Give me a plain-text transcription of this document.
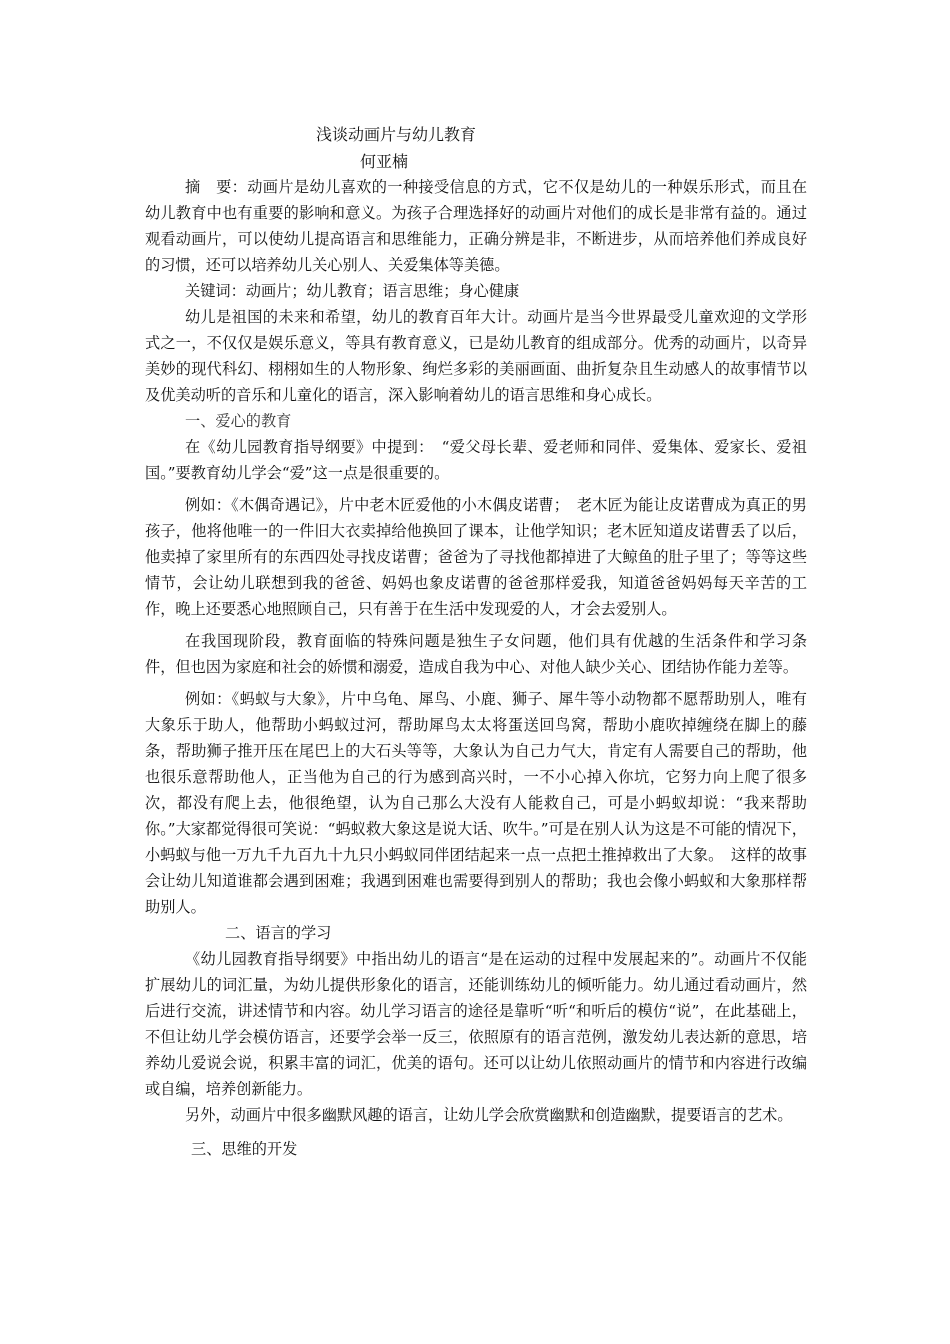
浅谈动画片与幼儿教育
何亚楠

摘　要：动画片是幼儿喜欢的一种接受信息的方式，它不仅是幼儿的一种娱乐形式，而且在幼儿教育中也有重要的影响和意义。为孩子合理选择好的动画片对他们的成长是非常有益的。通过观看动画片，可以使幼儿提高语言和思维能力，正确分辨是非，不断进步，从而培养他们养成良好的习惯，还可以培养幼儿关心别人、关爱集体等美德。

关键词：动画片；幼儿教育；语言思维；身心健康

幼儿是祖国的未来和希望，幼儿的教育百年大计。动画片是当今世界最受儿童欢迎的文学形式之一，不仅仅是娱乐意义，等具有教育意义，已是幼儿教育的组成部分。优秀的动画片，以奇异美妙的现代科幻、栩栩如生的人物形象、绚烂多彩的美丽画面、曲折复杂且生动感人的故事情节以及优美动听的音乐和儿童化的语言，深入影响着幼儿的语言思维和身心成长。

一、爱心的教育

在《幼儿园教育指导纲要》中提到：　“爱父母长辈、爱老师和同伴、爱集体、爱家长、爱祖国。”要教育幼儿学会“爱”这一点是很重要的。

例如：《木偶奇遇记》，片中老木匠爱他的小木偶皮诺曹；　老木匠为能让皮诺曹成为真正的男孩子，他将他唯一的一件旧大衣卖掉给他换回了课本，让他学知识；老木匠知道皮诺曹丢了以后，他卖掉了家里所有的东西四处寻找皮诺曹；爸爸为了寻找他都掉进了大鲸鱼的肚子里了；等等这些情节，会让幼儿联想到我的爸爸、妈妈也象皮诺曹的爸爸那样爱我，知道爸爸妈妈每天辛苦的工作，晚上还要悉心地照顾自己，只有善于在生活中发现爱的人，才会去爱别人。

在我国现阶段，教育面临的特殊问题是独生子女问题，他们具有优越的生活条件和学习条件，但也因为家庭和社会的娇惯和溺爱，造成自我为中心、对他人缺少关心、团结协作能力差等。

例如：《蚂蚁与大象》，片中乌龟、犀鸟、小鹿、狮子、犀牛等小动物都不愿帮助别人，唯有大象乐于助人，他帮助小蚂蚁过河，帮助犀鸟太太将蛋送回鸟窝，帮助小鹿吹掉缠绕在脚上的藤条，帮助狮子推开压在尾巴上的大石头等等，大象认为自己力气大，肯定有人需要自己的帮助，他也很乐意帮助他人，正当他为自己的行为感到高兴时，一不小心掉入你坑，它努力向上爬了很多次，都没有爬上去，他很绝望，认为自己那么大没有人能救自己，可是小蚂蚁却说：“我来帮助你。”大家都觉得很可笑说：“蚂蚁救大象这是说大话、吹牛。”可是在别人认为这是不可能的情况下，小蚂蚁与他一万九千九百九十九只小蚂蚁同伴团结起来一点一点把土推掉救出了大象。　这样的故事会让幼儿知道谁都会遇到困难；我遇到困难也需要得到别人的帮助；我也会像小蚂蚁和大象那样帮助别人。

二、语言的学习

《幼儿园教育指导纲要》中指出幼儿的语言“是在运动的过程中发展起来的”。动画片不仅能扩展幼儿的词汇量，为幼儿提供形象化的语言，还能训练幼儿的倾听能力。幼儿通过看动画片，然后进行交流，讲述情节和内容。幼儿学习语言的途径是靠听“听“和听后的模仿“说”，在此基础上，不但让幼儿学会模仿语言，还要学会举一反三，依照原有的语言范例，激发幼儿表达新的意思，培养幼儿爱说会说，积累丰富的词汇，优美的语句。还可以让幼儿依照动画片的情节和内容进行改编或自编，培养创新能力。

另外，动画片中很多幽默风趣的语言，让幼儿学会欣赏幽默和创造幽默，提要语言的艺术。

三、思维的开发
